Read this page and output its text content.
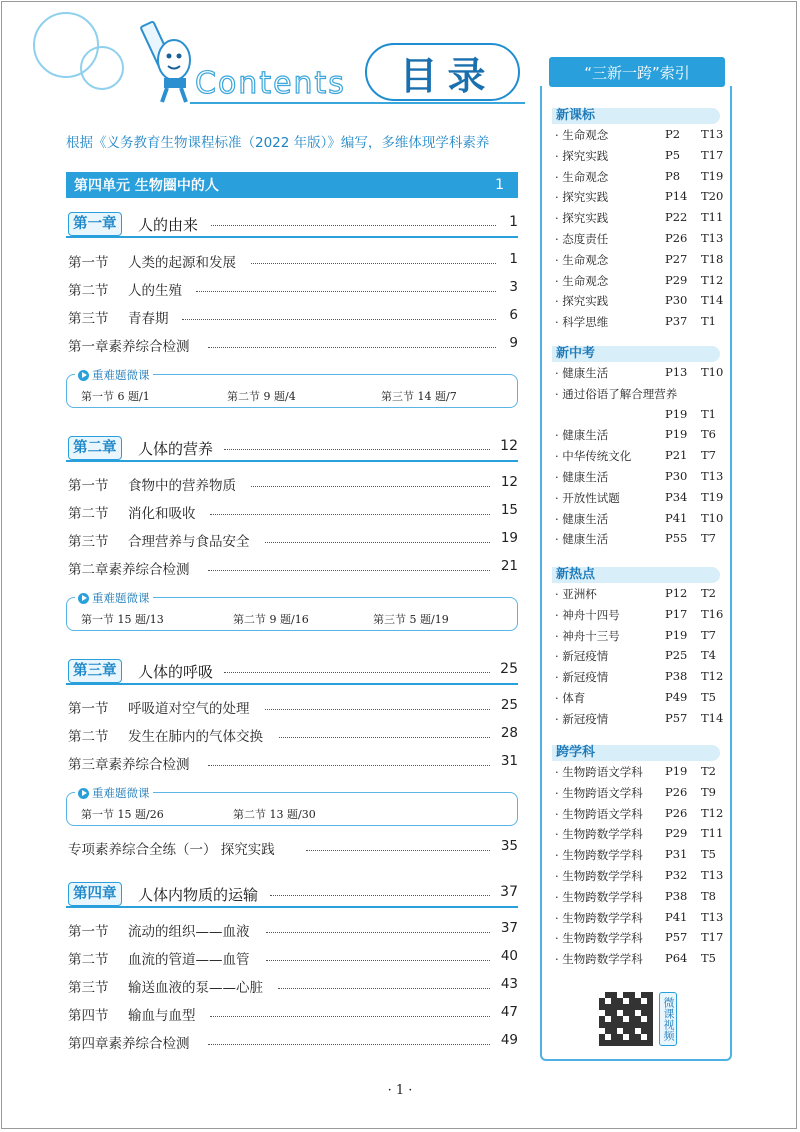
Contents 目录
根据《义务教育生物课程标准（2022 年版）》编写，多维体现学科素养
第四单元 生物圈中的人	1
第一章	人的由来	1
第一节 人类的起源和发展	1
第二节 人的生殖	3
第三节 青春期	6
第一章素养综合检测	9
重难题微课
第一节 6 题/1	第二节 9 题/4	第三节 14 题/7
第二章	人体的营养	12
第一节 食物中的营养物质	12
第二节 消化和吸收	15
第三节 合理营养与食品安全	19
第二章素养综合检测	21
重难题微课
第一节 15 题/13	第二节 9 题/16	第三节 5 题/19
第三章	人体的呼吸	25
第一节 呼吸道对空气的处理	25
第二节 发生在肺内的气体交换	28
第三章素养综合检测	31
重难题微课
第一节 15 题/26	第二节 13 题/30
专项素养综合全练（一） 探究实践	35
第四章	人体内物质的运输	37
第一节 流动的组织——血液	37
第二节 血流的管道——血管	40
第三节 输送血液的泵——心脏	43
第四节 输血与血型	47
第四章素养综合检测	49
“三新一跨”索引
新课标
· 生命观念	P2 T13
· 探究实践	P5 T17
· 生命观念	P8 T19
· 探究实践	P14 T20
· 探究实践	P22 T11
· 态度责任	P26 T13
· 生命观念	P27 T18
· 生命观念	P29 T12
· 探究实践	P30 T14
· 科学思维	P37 T1
新中考
· 健康生活	P13 T10
· 通过俗语了解合理营养
P19 T1
· 健康生活	P19 T6
· 中华传统文化	P21 T7
· 健康生活	P30 T13
· 开放性试题	P34 T19
· 健康生活	P41 T10
· 健康生活	P55 T7
新热点
· 亚洲杯	P12 T2
· 神舟十四号	P17 T16
· 神舟十三号	P19 T7
· 新冠疫情	P25 T4
· 新冠疫情	P38 T12
· 体育	P49 T5
· 新冠疫情	P57 T14
跨学科
· 生物跨语文学科 P19 T2
· 生物跨语文学科 P26 T9
· 生物跨语文学科 P26 T12
· 生物跨数学学科 P29 T11
· 生物跨数学学科 P31 T5
· 生物跨数学学科 P32 T13
· 生物跨数学学科 P38 T8
· 生物跨数学学科 P41 T13
· 生物跨数学学科 P57 T17
· 生物跨数学学科 P64 T5
微课视频
· 1 ·
